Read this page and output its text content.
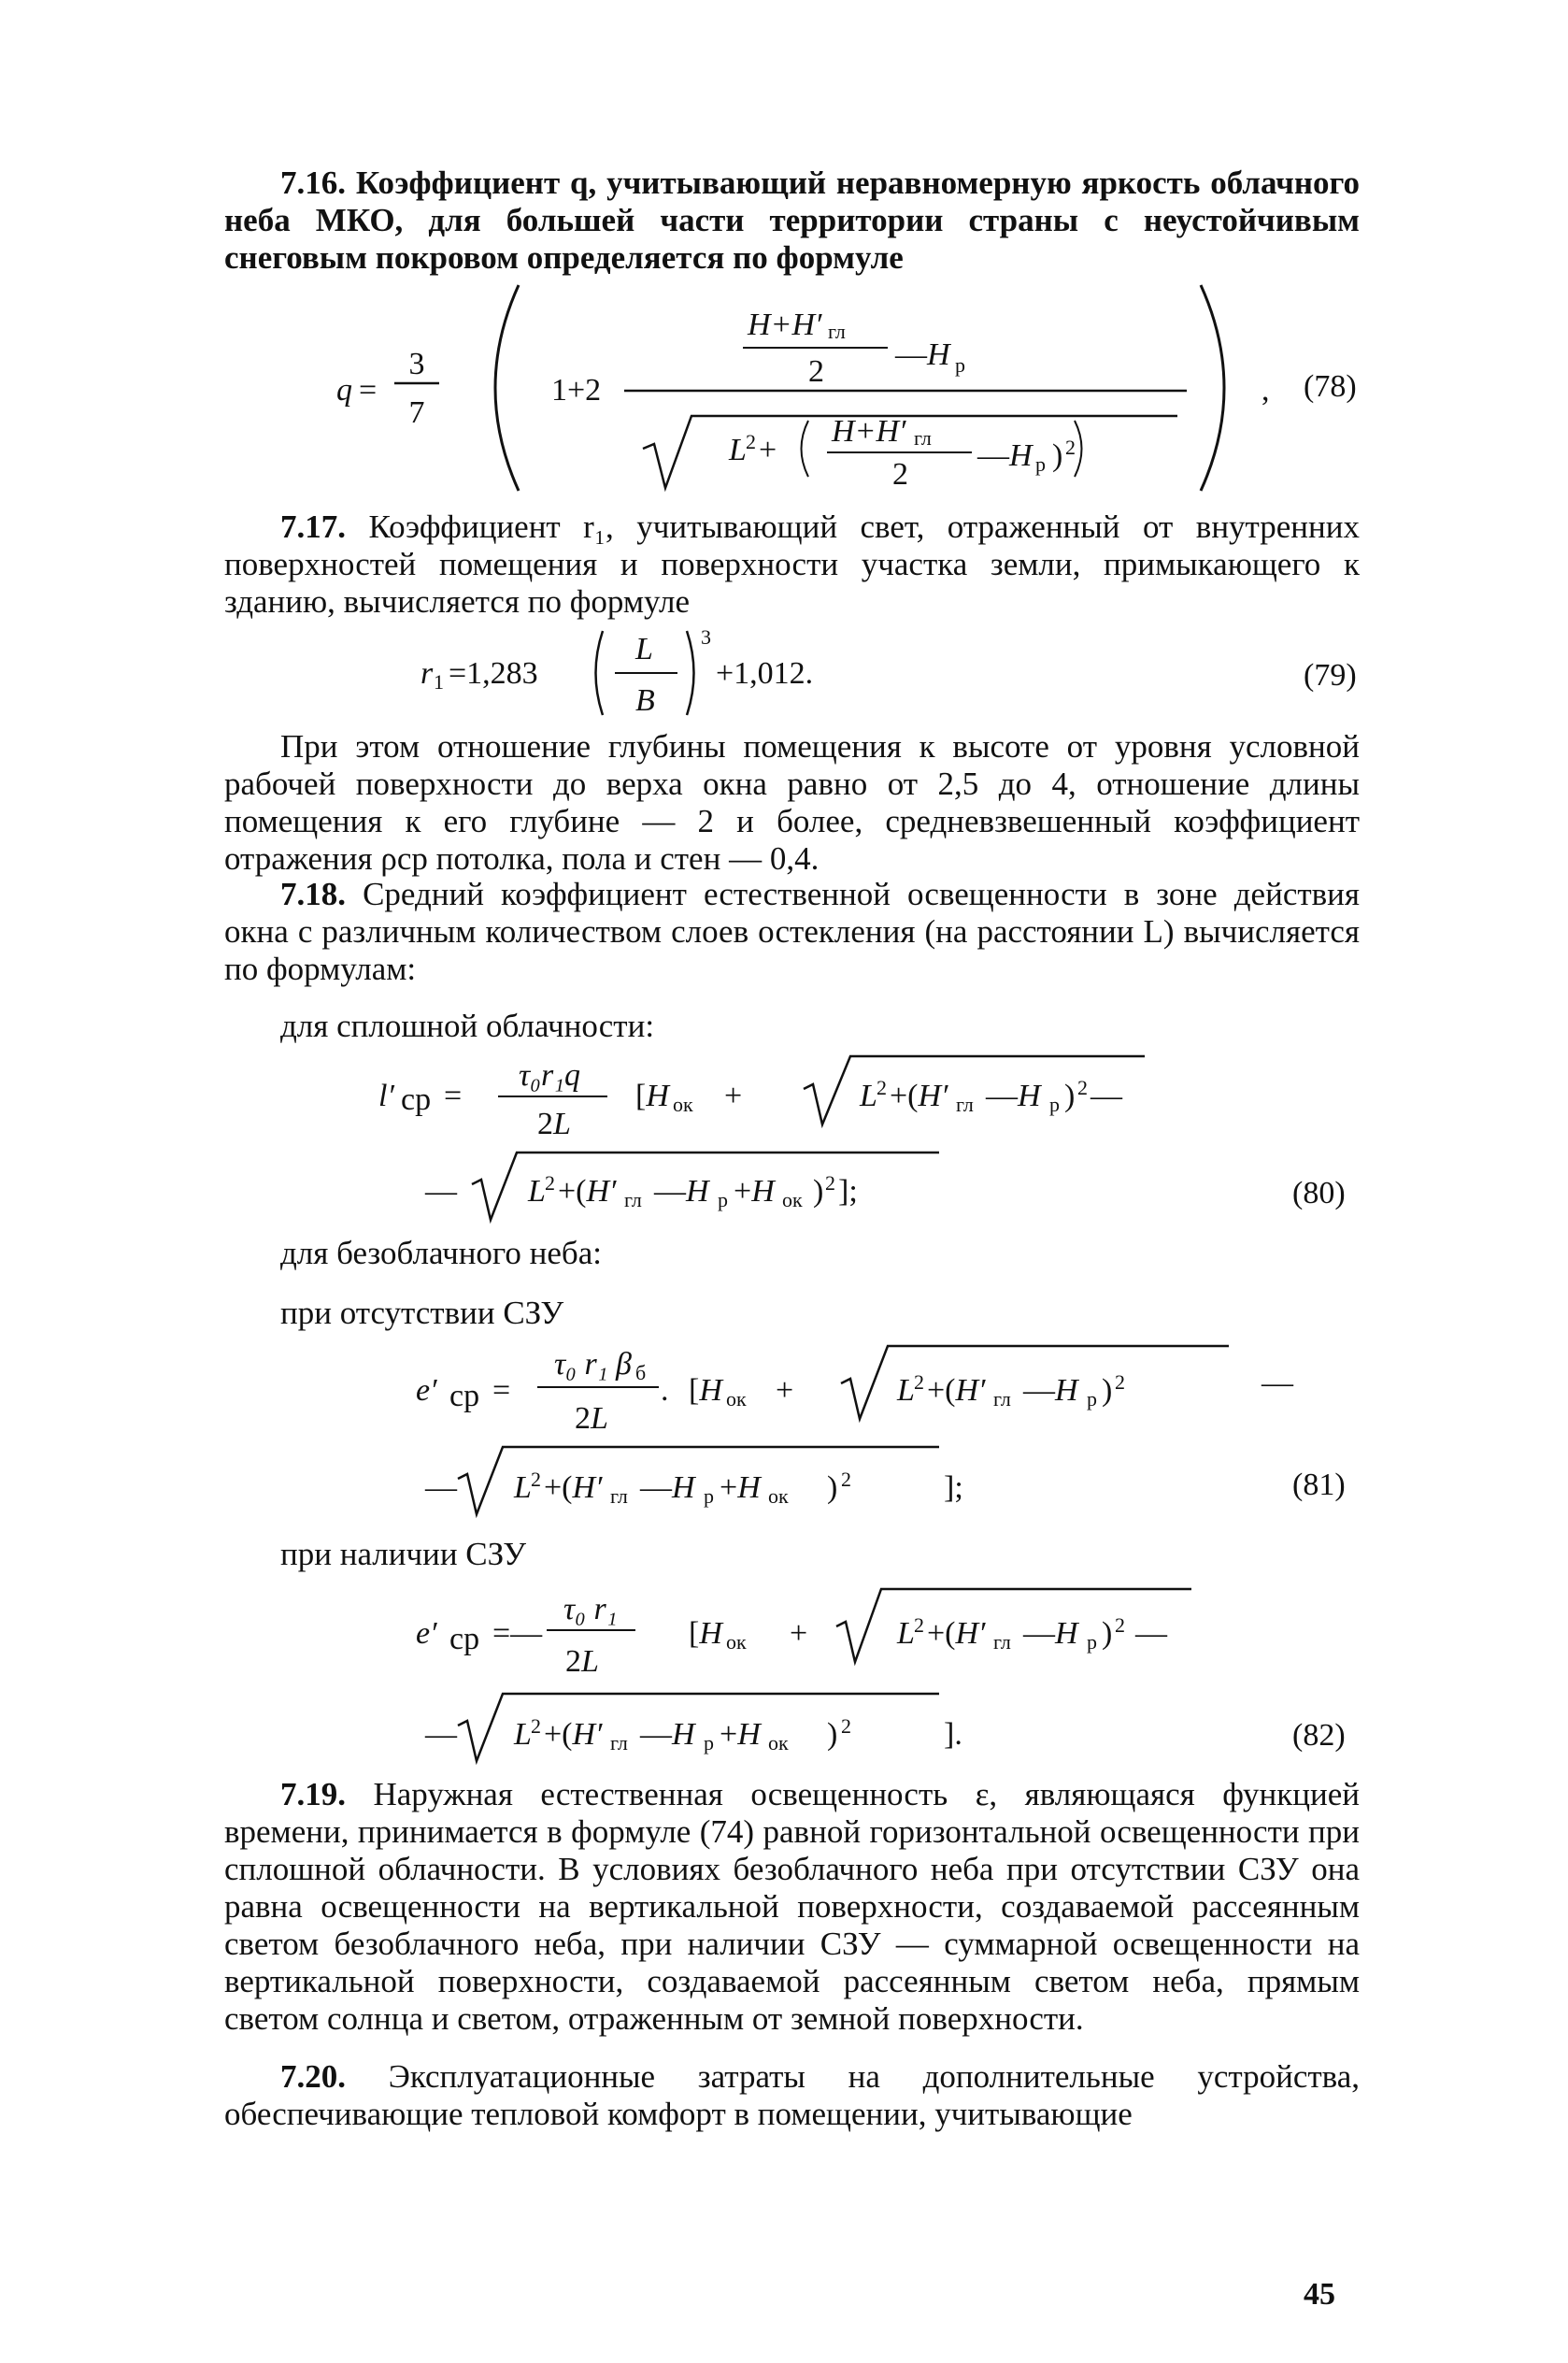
7.16. Коэффициент q, учитывающий неравномерную яркость облачного неба МКО, для большей части территории страны с неустойчивым снеговым покровом определяется по формуле
q =
3
7
1+2
H+H′ гл
2 — H р
L 2 +
H+H′ гл
2
— H р ) 2
, (78)
7.17. Коэффициент r₁, учитывающий свет, отраженный от внутренних поверхностей помещения и поверхности участка земли, примыкающего к зданию, вычисляется по формуле
r 1 =1,283
L
B
3
+1,012.	(79)
При этом отношение глубины помещения к высоте от уровня условной рабочей поверхности до верха окна равно от 2,5 до 4, отношение длины помещения к его глубине — 2 и более, средневзвешенный коэффициент отражения ρср потолка, пола и стен — 0,4.
7.18. Средний коэффициент естественной освещенности в зоне действия окна с различным количеством слоев остекления (на расстоянии L) вычисляется по формулам:
для сплошной облачности:
l′ ср =
τ₀r₁q
2L
[H ок +	L 2 +(H′ гл —H р ) 2 —
— L 2 +(H′ гл —H р +H ок ) 2 ];	(80)
для безоблачного неба:
при отсутствии СЗУ
e′ ср =
τ₀ r₁ β б
2L
. [H ок +	L 2 +(H′ гл —H р ) 2	—
— L 2 +(H′ гл —H р +H ок ) 2	];	(81)
при наличии СЗУ
e′ ср =—
τ₀ r₁
2L
[H ок +	L 2 +(H′ гл —H р ) 2 —
— L 2 +(H′ гл —H р +H ок ) 2	].	(82)
7.19. Наружная естественная освещенность ε, являющаяся функцией времени, принимается в формуле (74) равной горизонтальной освещенности при сплошной облачности. В условиях безоблачного неба при отсутствии СЗУ она равна освещенности на вертикальной поверхности, создаваемой рассеянным светом безоблачного неба, при наличии СЗУ — суммарной освещенности на вертикальной поверхности, создаваемой рассеянным светом неба, прямым светом солнца и светом, отраженным от земной поверхности.
7.20. Эксплуатационные затраты на дополнительные устройства, обеспечивающие тепловой комфорт в помещении, учитывающие
45
